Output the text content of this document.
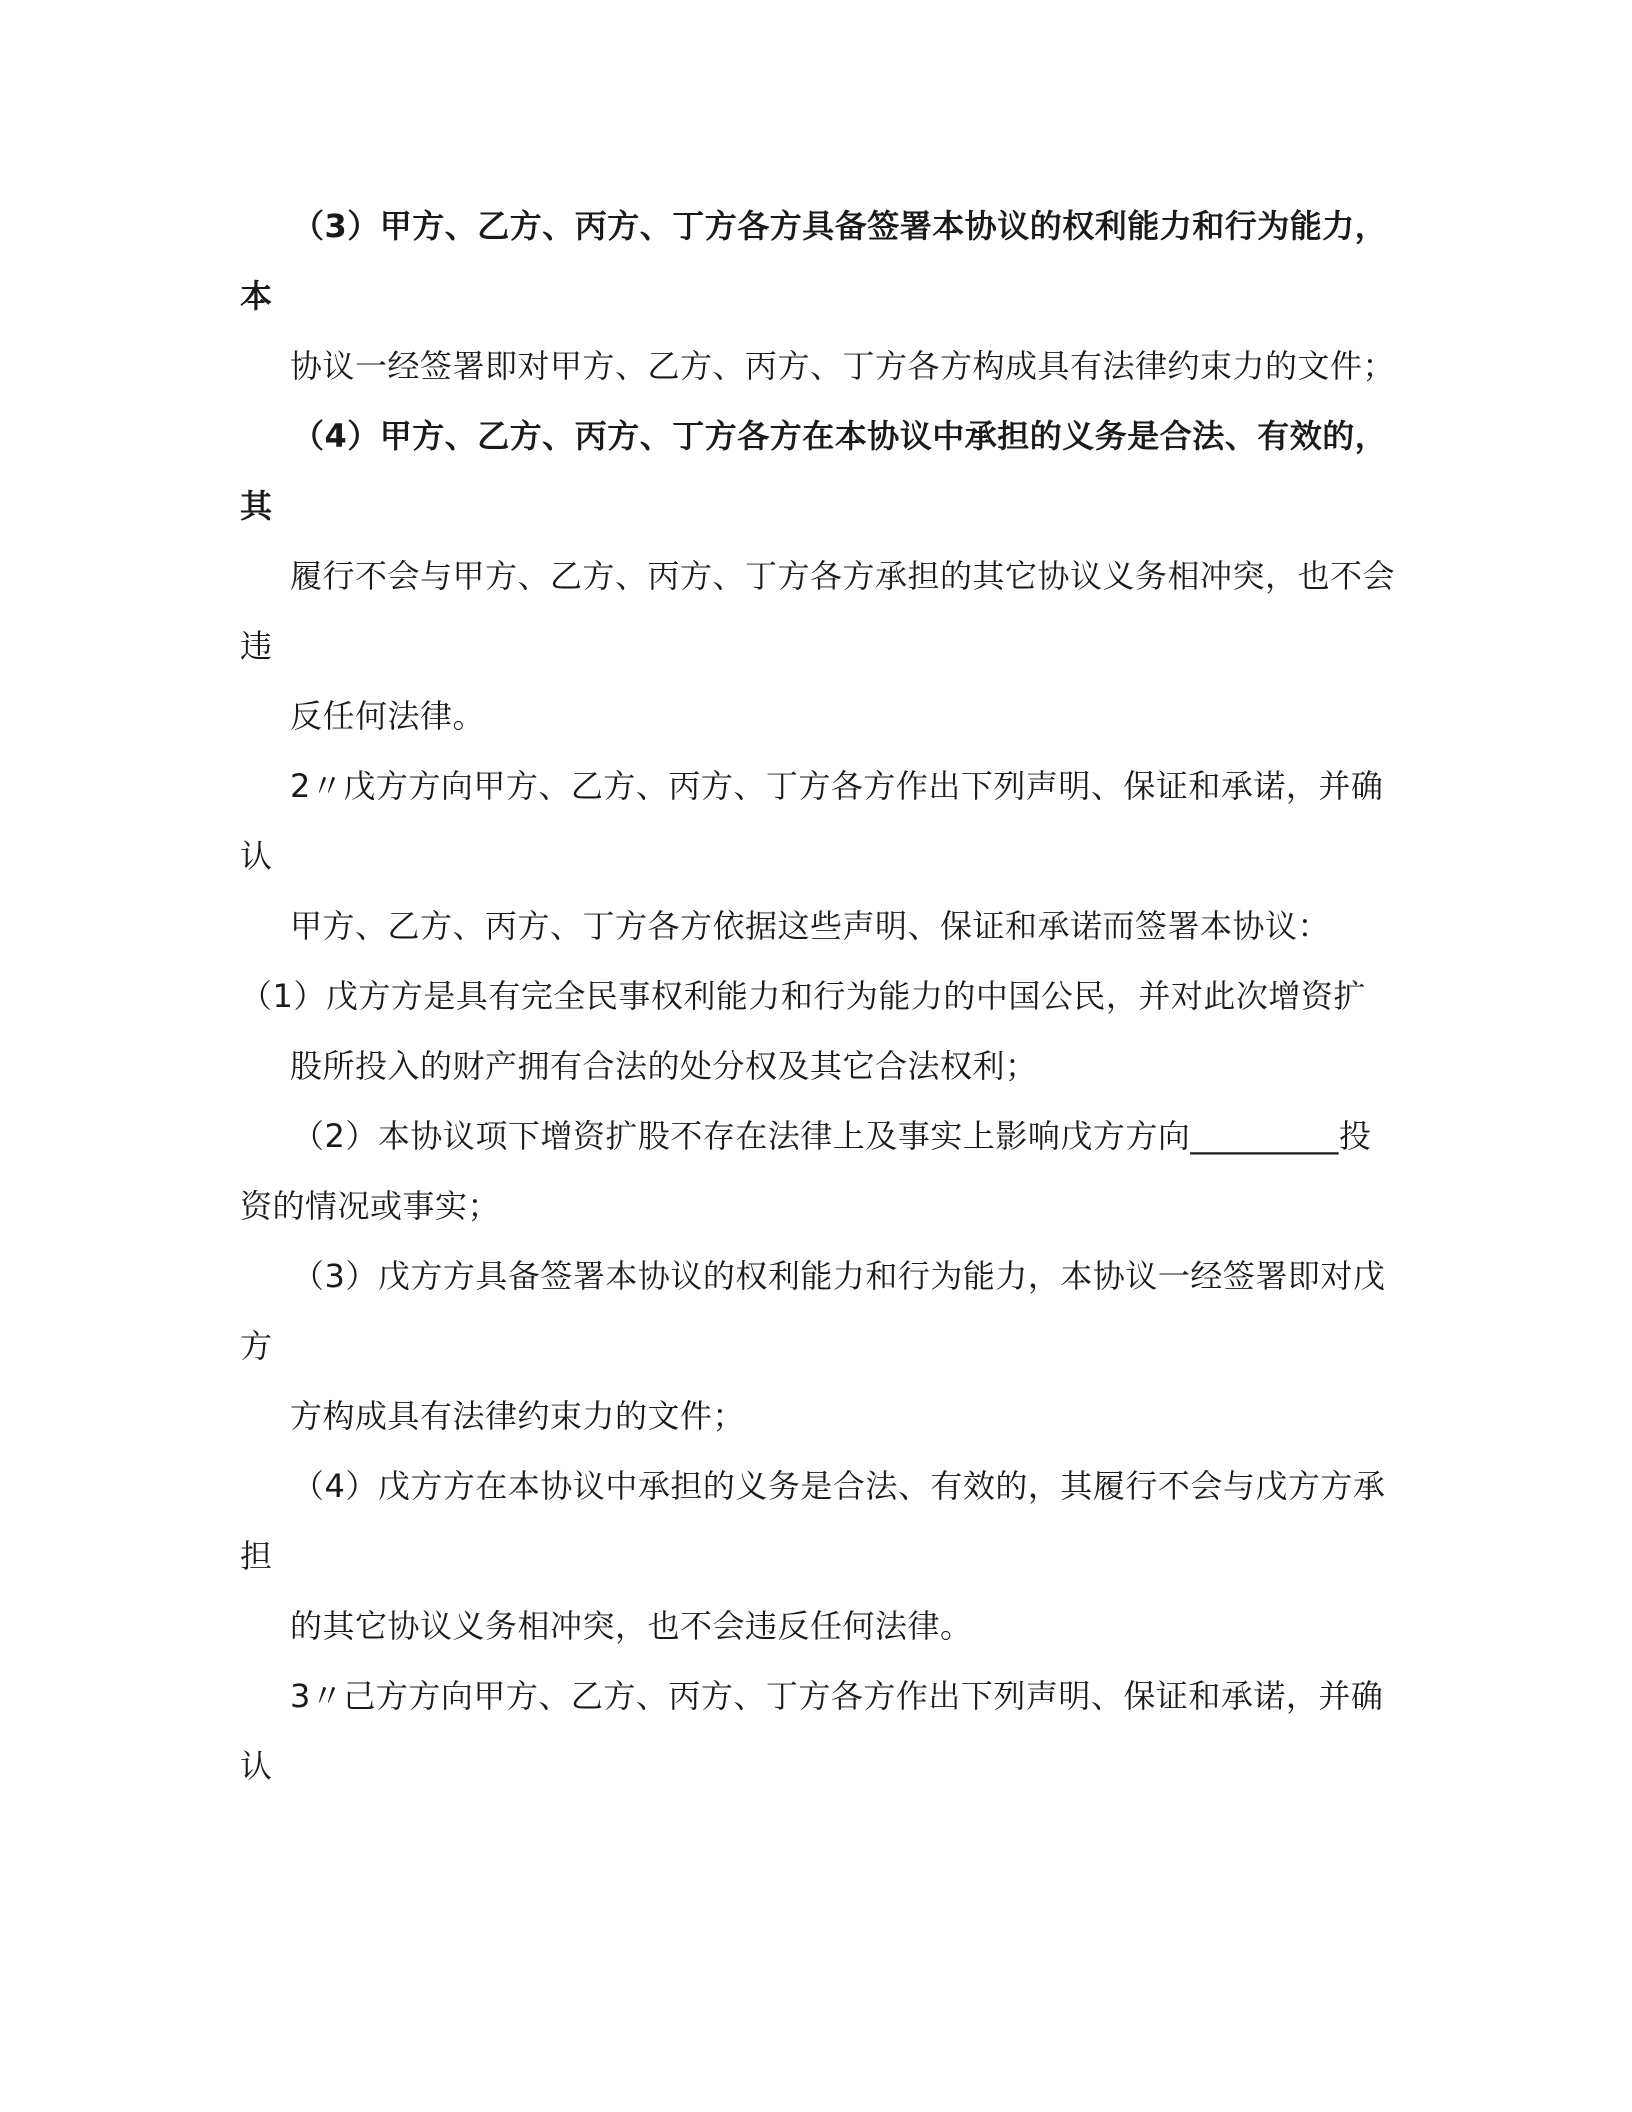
（3）甲方、乙方、丙方、丁方各方具备签署本协议的权利能力和行为能力，
本
协议一经签署即对甲方、乙方、丙方、丁方各方构成具有法律约束力的文件；
（4）甲方、乙方、丙方、丁方各方在本协议中承担的义务是合法、有效的，
其
履行不会与甲方、乙方、丙方、丁方各方承担的其它协议义务相冲突，也不会
违
反任何法律。
2〃戊方方向甲方、乙方、丙方、丁方各方作出下列声明、保证和承诺，并确
认
甲方、乙方、丙方、丁方各方依据这些声明、保证和承诺而签署本协议：
（1）戊方方是具有完全民事权利能力和行为能力的中国公民，并对此次增资扩
股所投入的财产拥有合法的处分权及其它合法权利；
（2）本协议项下增资扩股不存在法律上及事实上影响戊方方向_________投
资的情况或事实；
（3）戊方方具备签署本协议的权利能力和行为能力，本协议一经签署即对戊
方
方构成具有法律约束力的文件；
（4）戊方方在本协议中承担的义务是合法、有效的，其履行不会与戊方方承
担
的其它协议义务相冲突，也不会违反任何法律。
3〃己方方向甲方、乙方、丙方、丁方各方作出下列声明、保证和承诺，并确
认
